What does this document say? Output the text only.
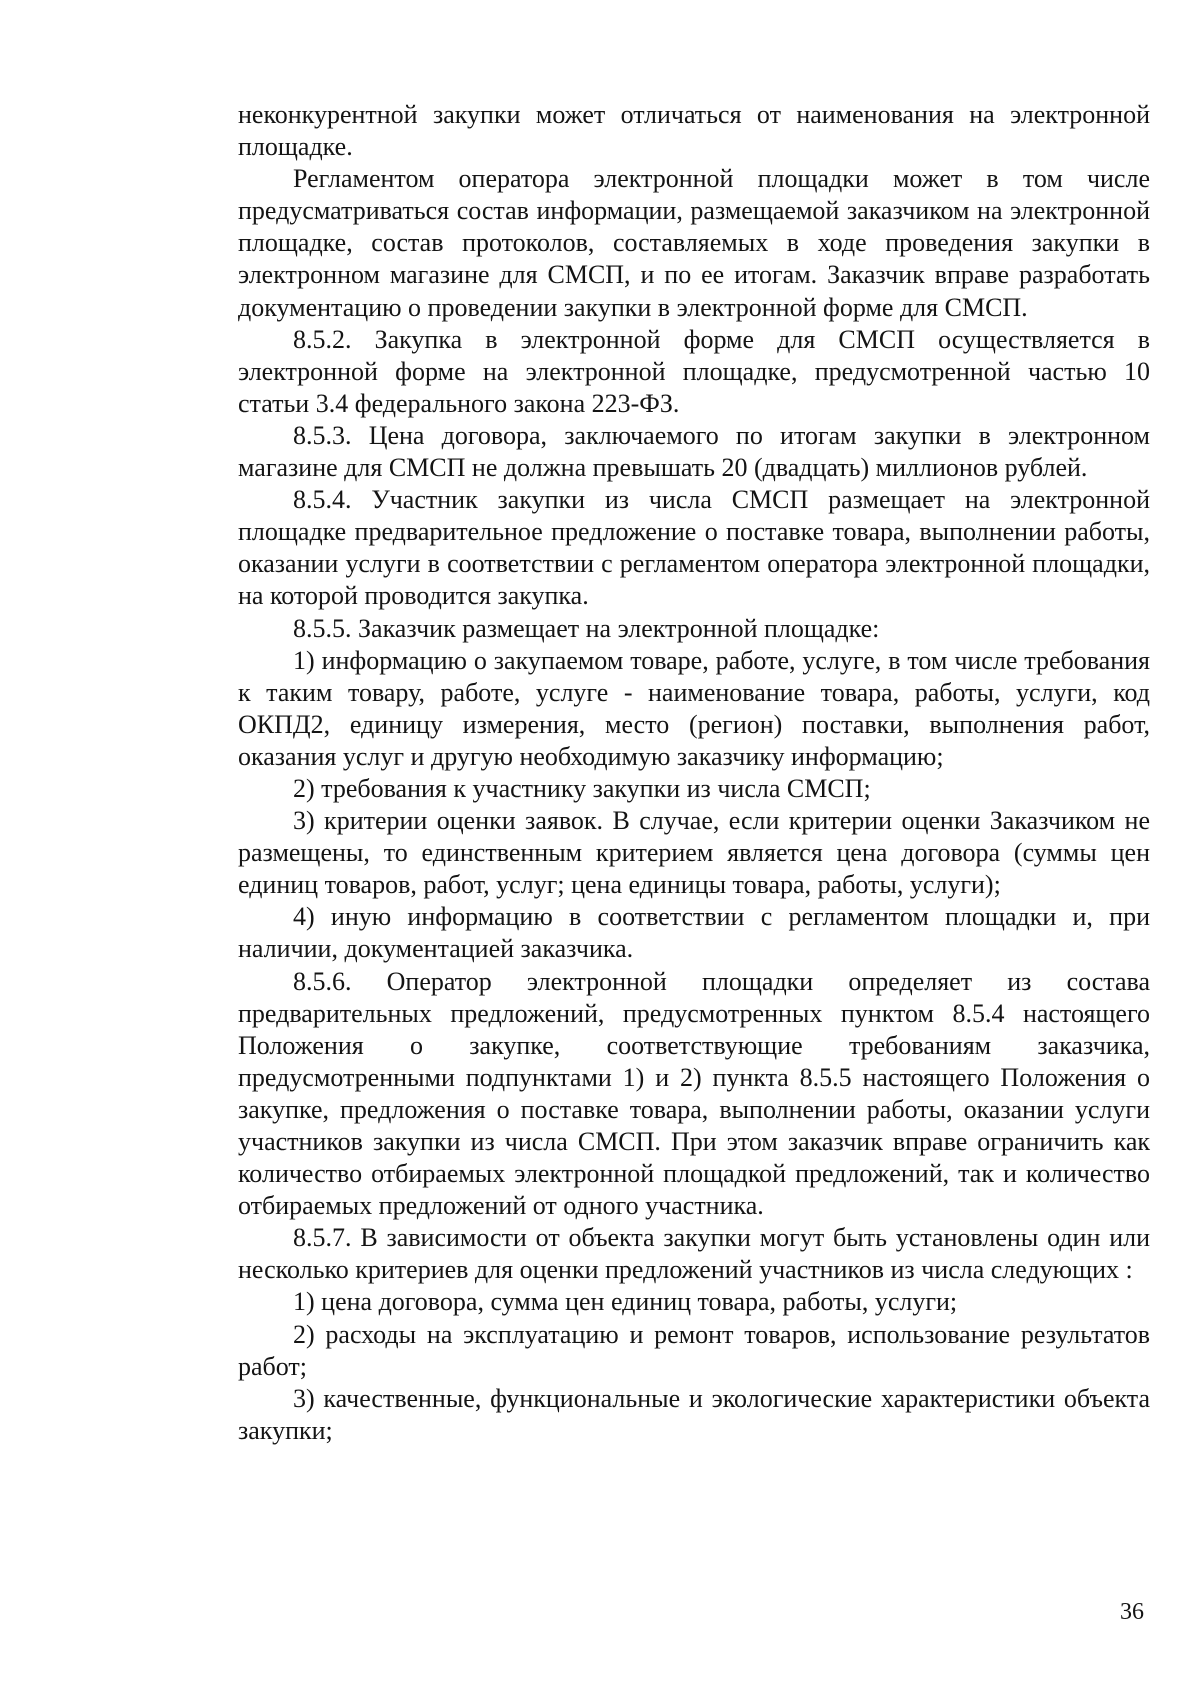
неконкурентной закупки может отличаться от наименования на электронной площадке.

Регламентом оператора электронной площадки может в том числе предусматриваться состав информации, размещаемой заказчиком на электронной площадке, состав протоколов, составляемых в ходе проведения закупки в электронном магазине для СМСП, и по ее итогам. Заказчик вправе разработать документацию о проведении закупки в электронной форме для СМСП.

8.5.2. Закупка в электронной форме для СМСП осуществляется в электронной форме на электронной площадке, предусмотренной частью 10 статьи 3.4 федерального закона 223-ФЗ.

8.5.3. Цена договора, заключаемого по итогам закупки в электронном магазине для СМСП не должна превышать 20 (двадцать) миллионов рублей.

8.5.4. Участник закупки из числа СМСП размещает на электронной площадке предварительное предложение о поставке товара, выполнении работы, оказании услуги в соответствии с регламентом оператора электронной площадки, на которой проводится закупка.

8.5.5. Заказчик размещает на электронной площадке:

1) информацию о закупаемом товаре, работе, услуге, в том числе требования к таким товару, работе, услуге - наименование товара, работы, услуги, код ОКПД2, единицу измерения, место (регион) поставки, выполнения работ, оказания услуг и другую необходимую заказчику информацию;

2) требования к участнику закупки из числа СМСП;

3) критерии оценки заявок. В случае, если критерии оценки Заказчиком не размещены, то единственным критерием является цена договора (суммы цен единиц товаров, работ, услуг; цена единицы товара, работы, услуги);

4) иную информацию в соответствии с регламентом площадки и, при наличии, документацией заказчика.

8.5.6. Оператор электронной площадки определяет из состава предварительных предложений, предусмотренных пунктом 8.5.4 настоящего Положения о закупке, соответствующие требованиям заказчика, предусмотренными подпунктами 1) и 2) пункта 8.5.5 настоящего Положения о закупке, предложения о поставке товара, выполнении работы, оказании услуги участников закупки из числа СМСП. При этом заказчик вправе ограничить как количество отбираемых электронной площадкой предложений, так и количество отбираемых предложений от одного участника.

8.5.7. В зависимости от объекта закупки могут быть установлены один или несколько критериев для оценки предложений участников из числа следующих :

1) цена договора, сумма цен единиц товара, работы, услуги;

2) расходы на эксплуатацию и ремонт товаров, использование результатов работ;

3) качественные, функциональные и экологические характеристики объекта закупки;

36
